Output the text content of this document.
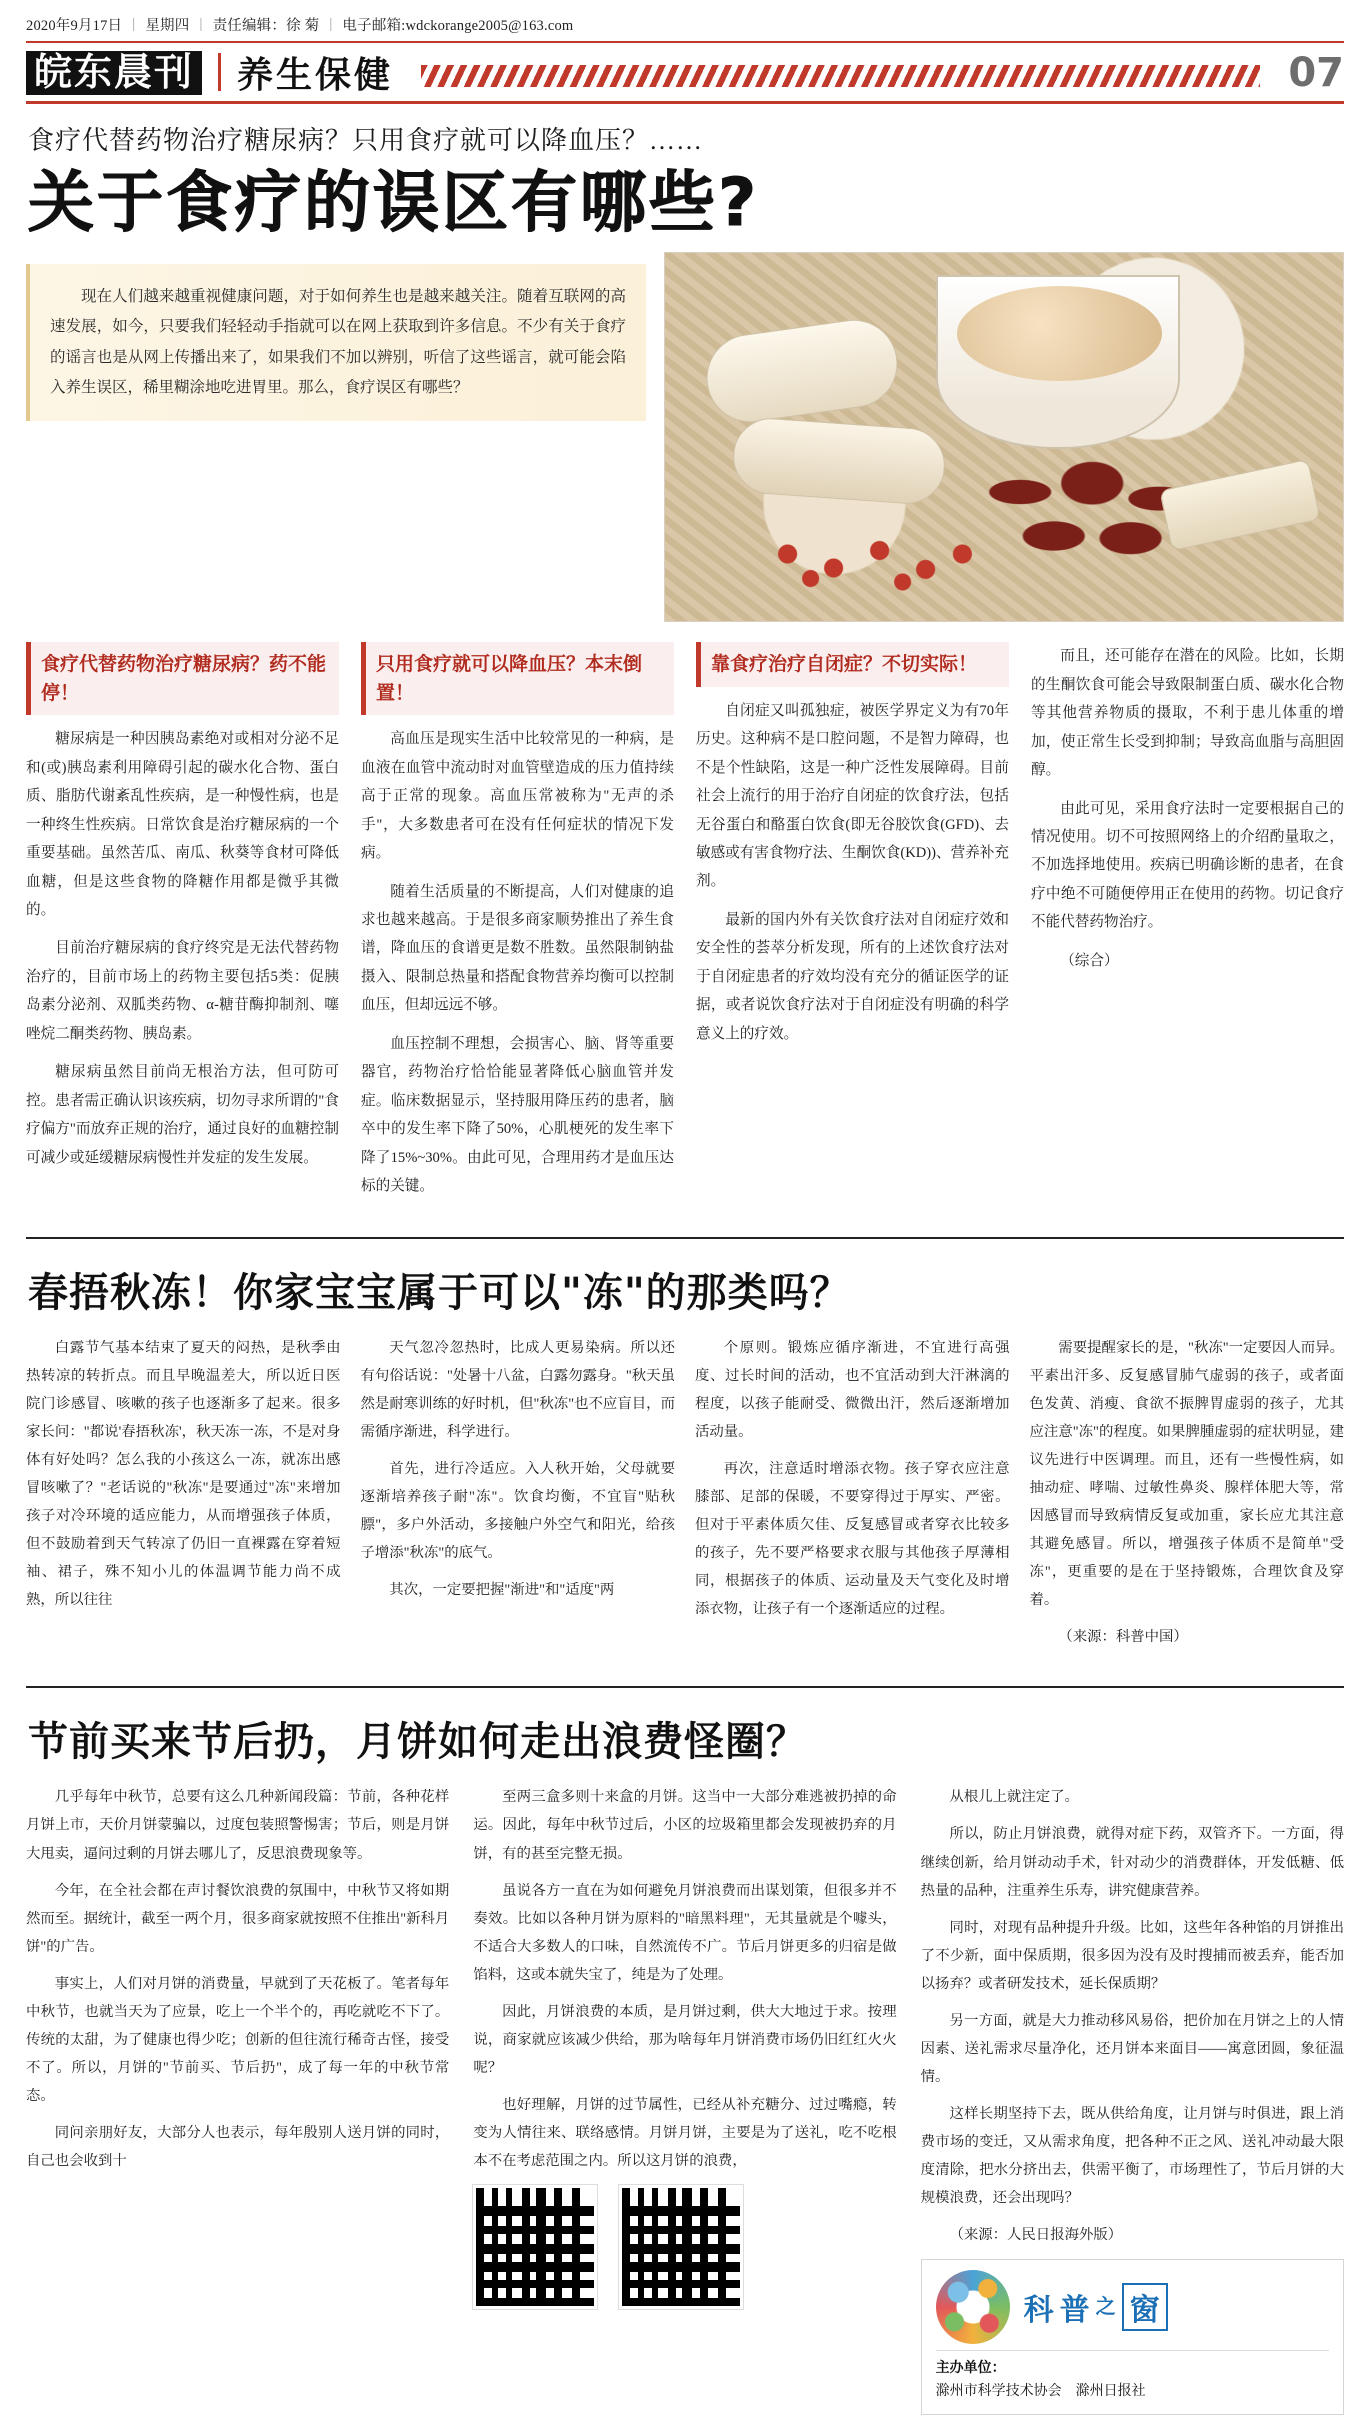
2020年9月17日 | 星期四 | 责任编辑：徐 菊 | 电子邮箱:wdckorange2005@163.com
皖东晨刊 养生保健	07
食疗代替药物治疗糖尿病？只用食疗就可以降血压？……
关于食疗的误区有哪些?
现在人们越来越重视健康问题，对于如何养生也是越来越关注。随着互联网的高速发展，如今，只要我们轻轻动手指就可以在网上获取到许多信息。不少有关于食疗的谣言也是从网上传播出来了，如果我们不加以辨别，听信了这些谣言，就可能会陷入养生误区，稀里糊涂地吃进胃里。那么，食疗误区有哪些？
食疗代替药物治疗糖尿病？药不能停！

糖尿病是一种因胰岛素绝对或相对分泌不足和(或)胰岛素利用障碍引起的碳水化合物、蛋白质、脂肪代谢紊乱性疾病，是一种慢性病，也是一种终生性疾病。日常饮食是治疗糖尿病的一个重要基础。虽然苦瓜、南瓜、秋葵等食材可降低血糖，但是这些食物的降糖作用都是微乎其微的。

目前治疗糖尿病的食疗终究是无法代替药物治疗的，目前市场上的药物主要包括5类：促胰岛素分泌剂、双胍类药物、α-糖苷酶抑制剂、噻唑烷二酮类药物、胰岛素。

糖尿病虽然目前尚无根治方法，但可防可控。患者需正确认识该疾病，切勿寻求所谓的"食疗偏方"而放弃正规的治疗，通过良好的血糖控制可减少或延缓糖尿病慢性并发症的发生发展。

只用食疗就可以降血压？本末倒置！

高血压是现实生活中比较常见的一种病，是血液在血管中流动时对血管壁造成的压力值持续高于正常的现象。高血压常被称为"无声的杀手"，大多数患者可在没有任何症状的情况下发病。

随着生活质量的不断提高，人们对健康的追求也越来越高。于是很多商家顺势推出了养生食谱，降血压的食谱更是数不胜数。虽然限制钠盐摄入、限制总热量和搭配食物营养均衡可以控制血压，但却远远不够。

血压控制不理想，会损害心、脑、肾等重要器官，药物治疗恰恰能显著降低心脑血管并发症。临床数据显示，坚持服用降压药的患者，脑卒中的发生率下降了50%，心肌梗死的发生率下降了15%~30%。由此可见，合理用药才是血压达标的关键。

靠食疗治疗自闭症？不切实际！

自闭症又叫孤独症，被医学界定义为有70年历史。这种病不是口腔问题，不是智力障碍，也不是个性缺陷，这是一种广泛性发展障碍。目前社会上流行的用于治疗自闭症的饮食疗法，包括无谷蛋白和酪蛋白饮食(即无谷胶饮食(GFD)、去敏感或有害食物疗法、生酮饮食(KD))、营养补充剂。

最新的国内外有关饮食疗法对自闭症疗效和安全性的荟萃分析发现，所有的上述饮食疗法对于自闭症患者的疗效均没有充分的循证医学的证据，或者说饮食疗法对于自闭症没有明确的科学意义上的疗效。

而且，还可能存在潜在的风险。比如，长期的生酮饮食可能会导致限制蛋白质、碳水化合物等其他营养物质的摄取，不利于患儿体重的增加，使正常生长受到抑制；导致高血脂与高胆固醇。

由此可见，采用食疗法时一定要根据自己的情况使用。切不可按照网络上的介绍酌量取之，不加选择地使用。疾病已明确诊断的患者，在食疗中绝不可随便停用正在使用的药物。切记食疗不能代替药物治疗。

（综合）

春捂秋冻！你家宝宝属于可以"冻"的那类吗？

白露节气基本结束了夏天的闷热，是秋季由热转凉的转折点。而且早晚温差大，所以近日医院门诊感冒、咳嗽的孩子也逐渐多了起来。很多家长问："都说'春捂秋冻'，秋天冻一冻，不是对身体有好处吗？怎么我的小孩这么一冻，就冻出感冒咳嗽了？"老话说的"秋冻"是要通过"冻"来增加孩子对冷环境的适应能力，从而增强孩子体质，但不鼓励着到天气转凉了仍旧一直裸露在穿着短袖、裙子，殊不知小儿的体温调节能力尚不成熟，所以往往

天气忽冷忽热时，比成人更易染病。所以还有句俗话说："处暑十八盆，白露勿露身。"秋天虽然是耐寒训练的好时机，但"秋冻"也不应盲目，而需循序渐进，科学进行。

首先，进行冷适应。入人秋开始，父母就要逐渐培养孩子耐"冻"。饮食均衡，不宜盲"贴秋膘"，多户外活动，多接触户外空气和阳光，给孩子增添"秋冻"的底气。

其次，一定要把握"渐进"和"适度"两

个原则。锻炼应循序渐进，不宜进行高强度、过长时间的活动，也不宜活动到大汗淋漓的程度，以孩子能耐受、微微出汗，然后逐渐增加活动量。

再次，注意适时增添衣物。孩子穿衣应注意膝部、足部的保暖，不要穿得过于厚实、严密。但对于平素体质欠佳、反复感冒或者穿衣比较多的孩子，先不要严格要求衣服与其他孩子厚薄相同，根据孩子的体质、运动量及天气变化及时增添衣物，让孩子有一个逐渐适应的过程。

需要提醒家长的是，"秋冻"一定要因人而异。平素出汗多、反复感冒肺气虚弱的孩子，或者面色发黄、消瘦、食欲不振脾胃虚弱的孩子，尤其应注意"冻"的程度。如果脾腫虚弱的症状明显，建议先进行中医调理。而且，还有一些慢性病，如抽动症、哮喘、过敏性鼻炎、腺样体肥大等，常因感冒而导致病情反复或加重，家长应尤其注意其避免感冒。所以，增强孩子体质不是简单"受冻"，更重要的是在于坚持锻炼，合理饮食及穿着。

（来源：科普中国）

节前买来节后扔，月饼如何走出浪费怪圈？

几乎每年中秋节，总要有这么几种新闻段篇：节前，各种花样月饼上市，天价月饼蒙骗以，过度包装照警惕害；节后，则是月饼大甩卖，逼问过剩的月饼去哪儿了，反思浪费现象等。

今年，在全社会都在声讨餐饮浪费的氛围中，中秋节又将如期然而至。据统计，截至一两个月，很多商家就按照不住推出"新科月饼"的广告。

事实上，人们对月饼的消费量，早就到了天花板了。笔者每年中秋节，也就当天为了应景，吃上一个半个的，再吃就吃不下了。传统的太甜，为了健康也得少吃；创新的但往流行稀奇古怪，接受不了。所以，月饼的"节前买、节后扔"，成了每一年的中秋节常态。

同问亲朋好友，大部分人也表示，每年殷别人送月饼的同时，自己也会收到十

至两三盒多则十来盒的月饼。这当中一大部分难逃被扔掉的命运。因此，每年中秋节过后，小区的垃圾箱里都会发现被扔弃的月饼，有的甚至完整无损。

虽说各方一直在为如何避免月饼浪费而出谋划策，但很多并不奏效。比如以各种月饼为原料的"暗黑料理"，无其量就是个噱头，不适合大多数人的口味，自然流传不广。节后月饼更多的归宿是做馅料，这或本就失宝了，纯是为了处理。

因此，月饼浪费的本质，是月饼过剩，供大大地过于求。按理说，商家就应该减少供给，那为啥每年月饼消费市场仍旧红红火火呢？

也好理解，月饼的过节属性，已经从补充糖分、过过嘴瘾，转变为人情往来、联络感情。月饼月饼，主要是为了送礼，吃不吃根本不在考虑范围之内。所以这月饼的浪费，

从根儿上就注定了。

所以，防止月饼浪费，就得对症下药，双管齐下。一方面，得继续创新，给月饼动动手术，针对动少的消费群体，开发低糖、低热量的品种，注重养生乐寿，讲究健康营养。

同时，对现有品种提升升级。比如，这些年各种馅的月饼推出了不少新，面中保质期，很多因为没有及时搜捕而被丢弃，能否加以扬弃？或者研发技术，延长保质期？

另一方面，就是大力推动移风易俗，把价加在月饼之上的人情因素、送礼需求尽量净化，还月饼本来面目——寓意团圆，象征温情。

这样长期坚持下去，既从供给角度，让月饼与时俱进，跟上消费市场的变迁，又从需求角度，把各种不正之风、送礼冲动最大限度清除，把水分挤出去，供需平衡了，市场理性了，节后月饼的大规模浪费，还会出现吗？

（来源：人民日报海外版）

科 普 之 窗
主办单位：
滁州市科学技术协会 滁州日报社
